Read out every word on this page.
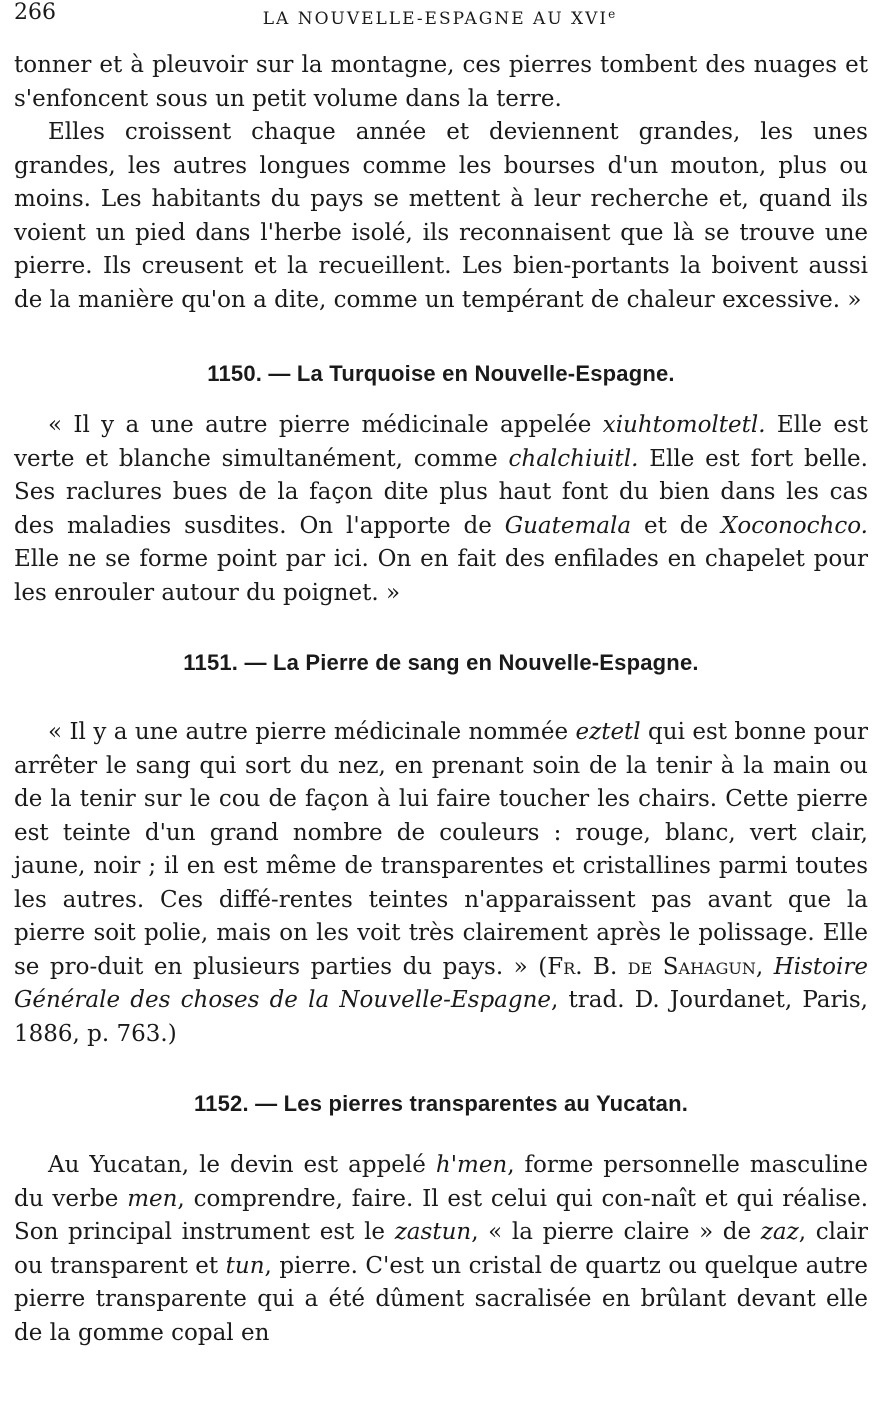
266	LA NOUVELLE-ESPAGNE AU XVIe

tonner et à pleuvoir sur la montagne, ces pierres tombent des nuages et s'enfoncent sous un petit volume dans la terre.

Elles croissent chaque année et deviennent grandes, les unes grandes, les autres longues comme les bourses d'un mouton, plus ou moins. Les habitants du pays se mettent à leur recherche et, quand ils voient un pied dans l'herbe isolé, ils reconnaisent que là se trouve une pierre. Ils creusent et la recueillent. Les bien-portants la boivent aussi de la manière qu'on a dite, comme un tempérant de chaleur excessive. »

1150. — La Turquoise en Nouvelle-Espagne.

« Il y a une autre pierre médicinale appelée xiuhtomoltetl. Elle est verte et blanche simultanément, comme chalchiuitl. Elle est fort belle. Ses raclures bues de la façon dite plus haut font du bien dans les cas des maladies susdites. On l'apporte de Guatemala et de Xoconochco. Elle ne se forme point par ici. On en fait des enfilades en chapelet pour les enrouler autour du poignet. »

1151. — La Pierre de sang en Nouvelle-Espagne.

« Il y a une autre pierre médicinale nommée eztetl qui est bonne pour arrêter le sang qui sort du nez, en prenant soin de la tenir à la main ou de la tenir sur le cou de façon à lui faire toucher les chairs. Cette pierre est teinte d'un grand nombre de couleurs : rouge, blanc, vert clair, jaune, noir ; il en est même de transparentes et cristallines parmi toutes les autres. Ces diffé-rentes teintes n'apparaissent pas avant que la pierre soit polie, mais on les voit très clairement après le polissage. Elle se pro-duit en plusieurs parties du pays. » (Fr. B. de Sahagun, Histoire Générale des choses de la Nouvelle-Espagne, trad. D. Jourdanet, Paris, 1886, p. 763.)

1152. — Les pierres transparentes au Yucatan.

Au Yucatan, le devin est appelé h'men, forme personnelle masculine du verbe men, comprendre, faire. Il est celui qui con-naît et qui réalise. Son principal instrument est le zastun, « la pierre claire » de zaz, clair ou transparent et tun, pierre. C'est un cristal de quartz ou quelque autre pierre transparente qui a été dûment sacralisée en brûlant devant elle de la gomme copal en
